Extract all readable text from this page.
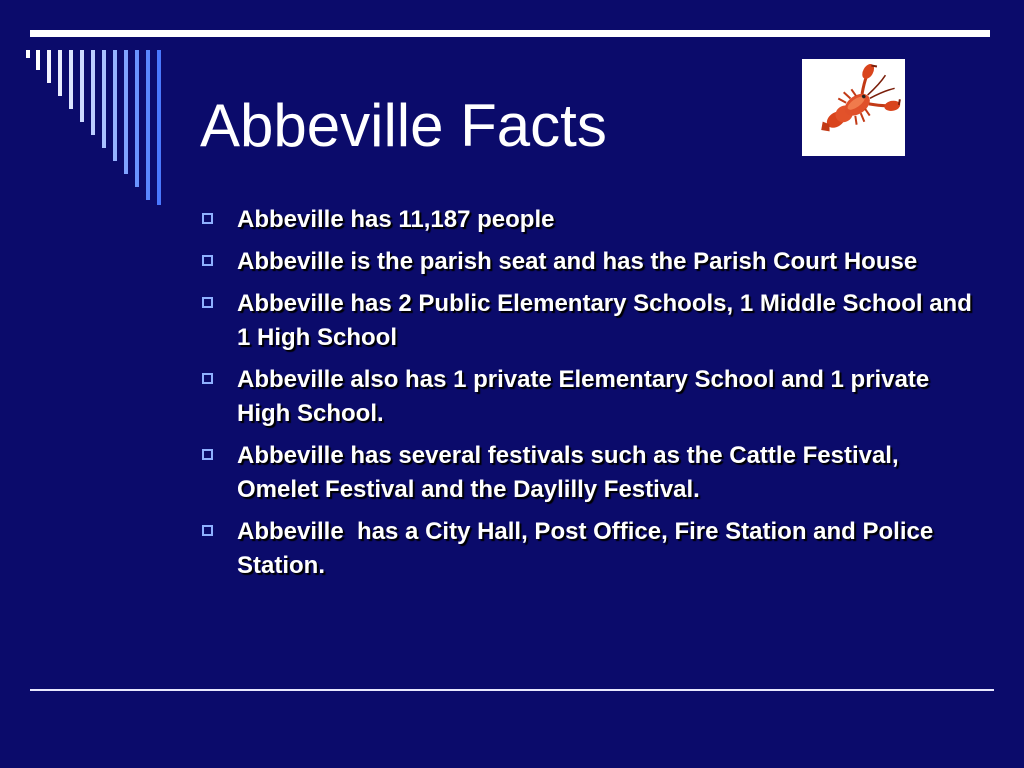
Abbeville Facts
Abbeville has 11,187 people
Abbeville is the parish seat and has the Parish Court House
Abbeville has 2 Public Elementary Schools, 1 Middle School and 1 High School
Abbeville also has 1 private Elementary School and 1 private High School.
Abbeville has several festivals such as the Cattle Festival, Omelet Festival and the Daylilly Festival.
Abbeville  has a City Hall, Post Office, Fire Station and Police Station.
